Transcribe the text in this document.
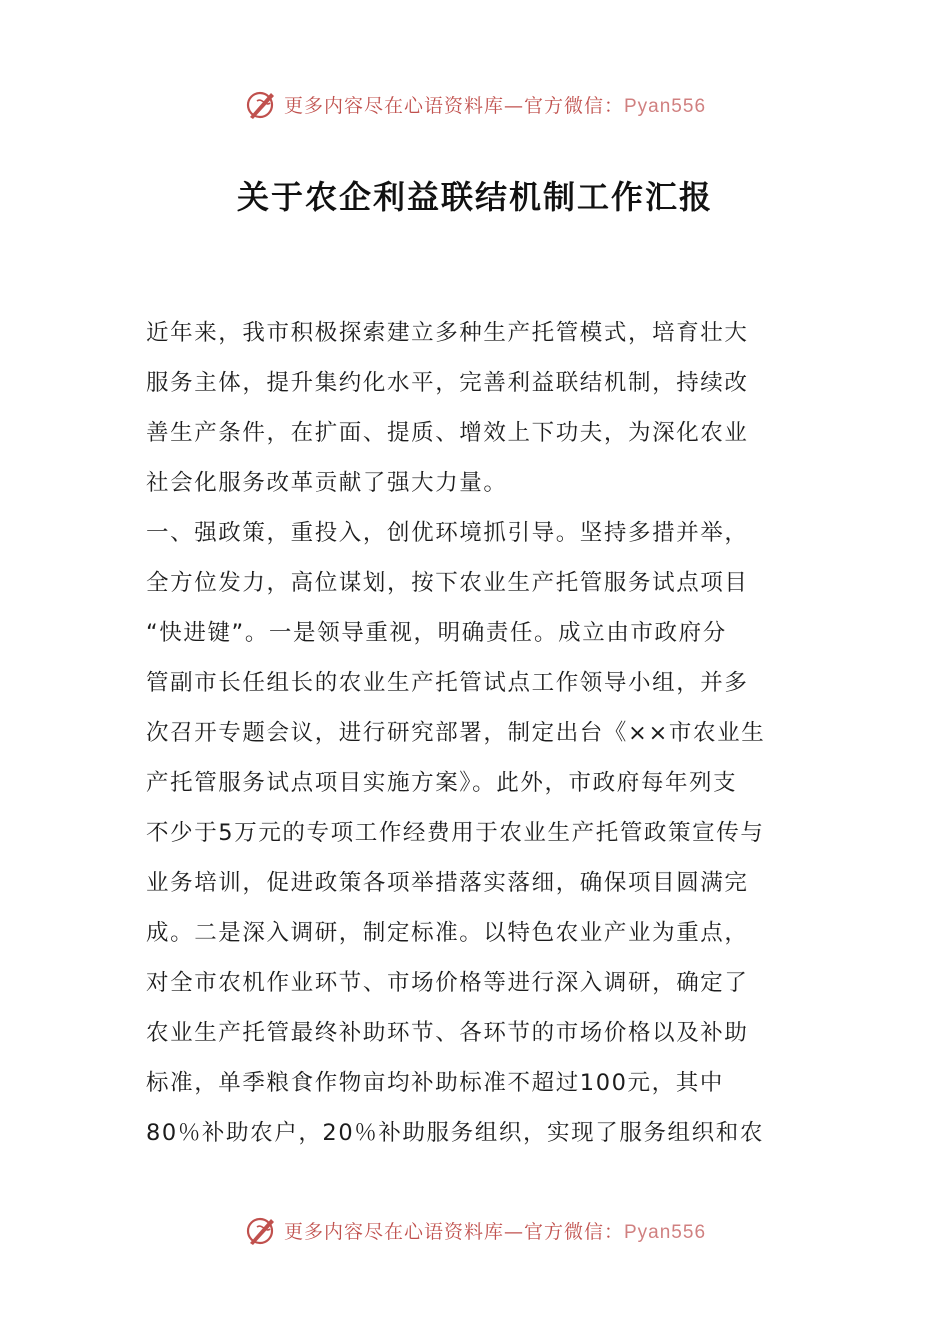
更多内容尽在心语资料库—官方微信：Pyan556
关于农企利益联结机制工作汇报
近年来，我市积极探索建立多种生产托管模式，培育壮大
服务主体，提升集约化水平，完善利益联结机制，持续改
善生产条件，在扩面、提质、增效上下功夫，为深化农业
社会化服务改革贡献了强大力量。
一、强政策，重投入，创优环境抓引导。坚持多措并举，
全方位发力，高位谋划，按下农业生产托管服务试点项目
“快进键”。一是领导重视，明确责任。成立由市政府分
管副市长任组长的农业生产托管试点工作领导小组，并多
次召开专题会议，进行研究部署，制定出台《××市农业生
产托管服务试点项目实施方案》。此外，市政府每年列支
不少于5万元的专项工作经费用于农业生产托管政策宣传与
业务培训，促进政策各项举措落实落细，确保项目圆满完
成。二是深入调研，制定标准。以特色农业产业为重点，
对全市农机作业环节、市场价格等进行深入调研，确定了
农业生产托管最终补助环节、各环节的市场价格以及补助
标准，单季粮食作物亩均补助标准不超过100元，其中
80％补助农户，20％补助服务组织，实现了服务组织和农
更多内容尽在心语资料库—官方微信：Pyan556
